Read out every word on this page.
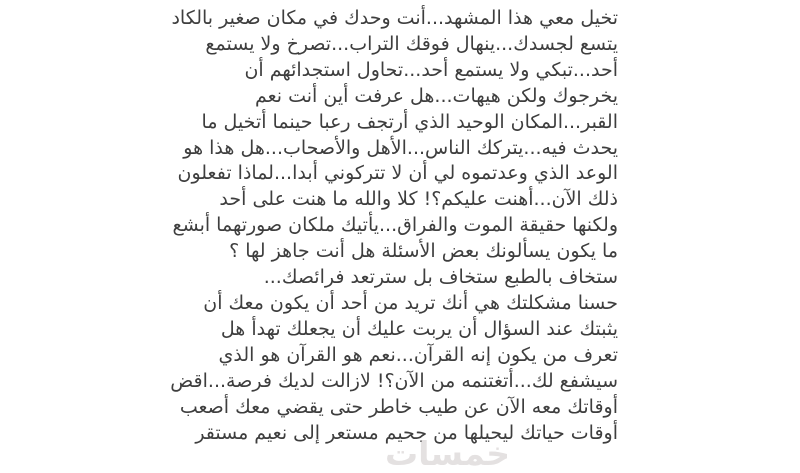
خمسات
تخيل معي هذا المشهد...أنت وحدك في مكان صغير بالكاد
يتسع لجسدك...ينهال فوقك التراب...تصرخ ولا يستمع
أحد...تبكي ولا يستمع أحد...تحاول استجدائهم أن
يخرجوك ولكن هيهات...هل عرفت أين أنت نعم
القبر...المكان الوحيد الذي أرتجف رعبا حينما أتخيل ما
يحدث فيه...يتركك الناس...الأهل والأصحاب...هل هذا هو
الوعد الذي وعدتموه لي أن لا تتركوني أبدا...لماذا تفعلون
ذلك الآن...أهنت عليكم؟! كلا والله ما هنت على أحد
ولكنها حقيقة الموت والفراق...يأتيك ملكان صورتهما أبشع
ما يكون يسألونك بعض الأسئلة هل أنت جاهز لها ؟
ستخاف بالطبع ستخاف بل سترتعد فرائصك...
حسنا مشكلتك هي أنك تريد من أحد أن يكون معك أن
يثبتك عند السؤال أن يربت عليك أن يجعلك تهدأ هل
تعرف من يكون إنه القرآن...نعم هو القرآن هو الذي
سيشفع لك...أتغتنمه من الآن؟! لازالت لديك فرصة...اقض
أوقاتك معه الآن عن طيب خاطر حتى يقضي معك أصعب
أوقات حياتك ليحيلها من جحيم مستعر إلى نعيم مستقر
